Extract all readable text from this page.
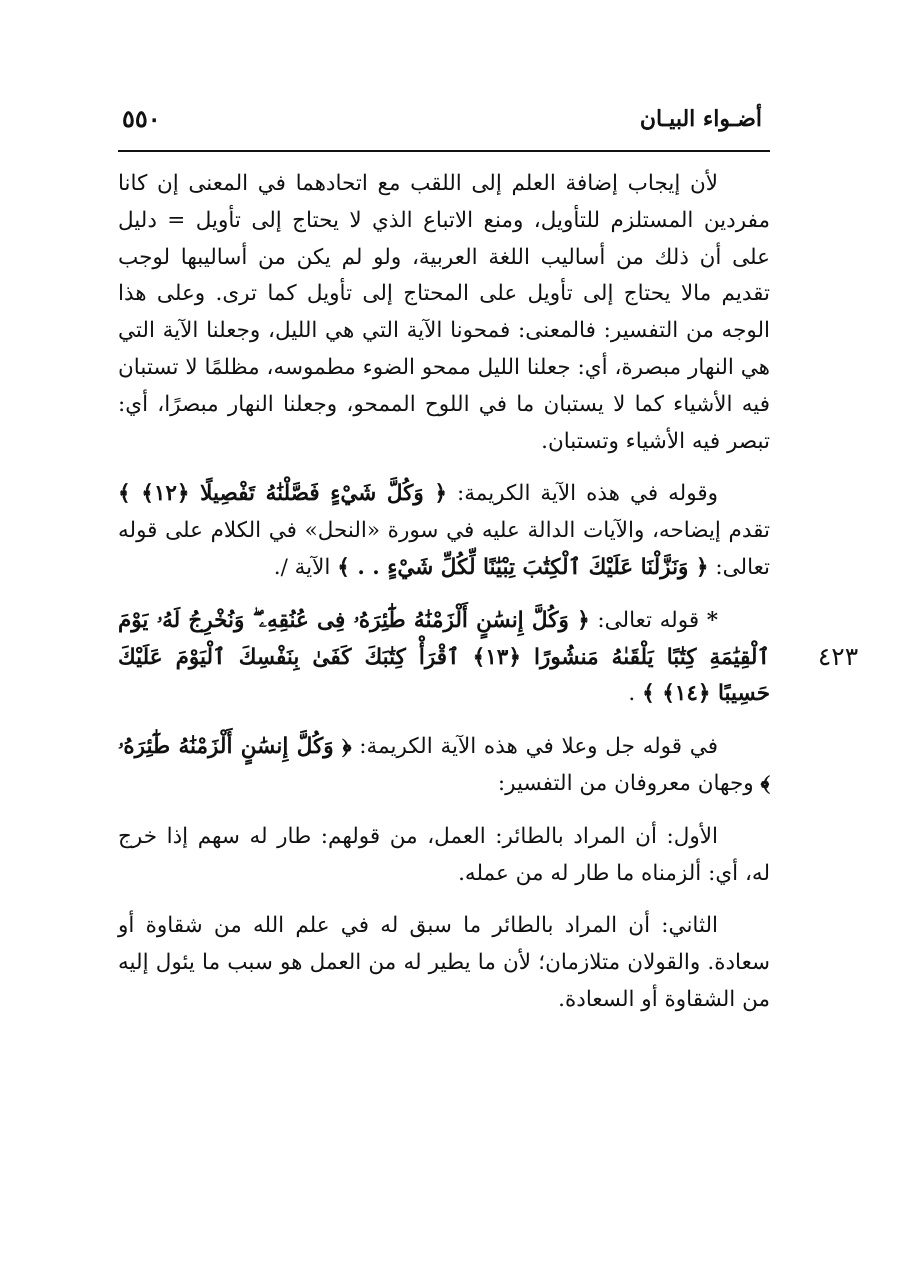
أضـواء البيـان
٥٥٠
٤٢٣

لأن إيجاب إضافة العلم إلى اللقب مع اتحادهما في المعنى إن كانا مفردين المستلزم للتأويل، ومنع الاتباع الذي لا يحتاج إلى تأويل = دليل على أن ذلك من أساليب اللغة العربية، ولو لم يكن من أساليبها لوجب تقديم مالا يحتاج إلى تأويل على المحتاج إلى تأويل كما ترى. وعلى هذا الوجه من التفسير: فالمعنى: فمحونا الآية التي هي الليل، وجعلنا الآية التي هي النهار مبصرة، أي: جعلنا الليل ممحو الضوء مطموسه، مظلمًا لا تستبان فيه الأشياء كما لا يستبان ما في اللوح الممحو، وجعلنا النهار مبصرًا، أي: تبصر فيه الأشياء وتستبان.

وقوله في هذه الآية الكريمة: ﴿ وَكُلَّ شَيْءٍ فَصَّلْنَٰهُ تَفْصِيلًا ﴿١٢﴾ ﴾ تقدم إيضاحه، والآيات الدالة عليه في سورة «النحل» في الكلام على قوله تعالى: ﴿ وَنَزَّلْنَا عَلَيْكَ ٱلْكِتَٰبَ تِبْيَٰنًا لِّكُلِّ شَيْءٍ . . ﴾ الآية /.

* قوله تعالى: ﴿ وَكُلَّ إِنسَٰنٍ أَلْزَمْنَٰهُ طَٰٓئِرَهُۥ فِى عُنُقِهِۦ ۖ وَنُخْرِجُ لَهُۥ يَوْمَ ٱلْقِيَٰمَةِ كِتَٰبًا يَلْقَىٰهُ مَنشُورًا ﴿١٣﴾ ٱقْرَأْ كِتَٰبَكَ كَفَىٰ بِنَفْسِكَ ٱلْيَوْمَ عَلَيْكَ حَسِيبًا ﴿١٤﴾ ﴾ .

في قوله جل وعلا في هذه الآية الكريمة: ﴿ وَكُلَّ إِنسَٰنٍ أَلْزَمْنَٰهُ طَٰٓئِرَهُۥ ﴾ وجهان معروفان من التفسير:

الأول: أن المراد بالطائر: العمل، من قولهم: طار له سهم إذا خرج له، أي: ألزمناه ما طار له من عمله.

الثاني: أن المراد بالطائر ما سبق له في علم الله من شقاوة أو سعادة. والقولان متلازمان؛ لأن ما يطير له من العمل هو سبب ما يئول إليه من الشقاوة أو السعادة.
